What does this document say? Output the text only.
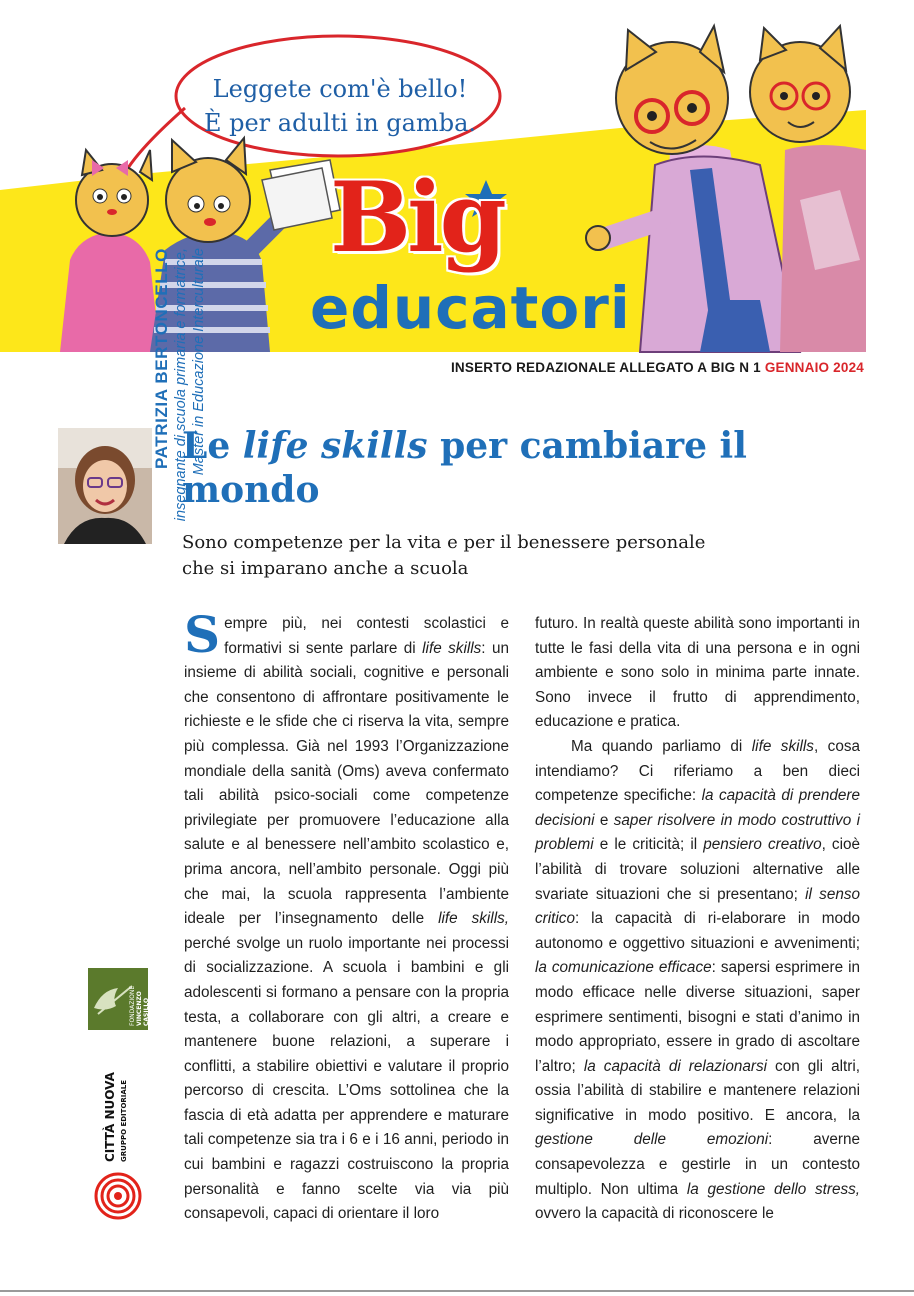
Leggete com'è bello!
È per adulti in gamba.
Big
educatori
INSERTO REDAZIONALE ALLEGATO A BIG N 1 GENNAIO 2024
PATRIZIA BERTONCELLO insegnante di scuola primaria e formatrice, Master in Educazione Interculturale
FONDAZIONE VINCENZO CASILLO
CITTÀ NUOVA GRUPPO EDITORIALE
Le life skills per cambiare il mondo
Sono competenze per la vita e per il benessere personale
che si imparano anche a scuola

Sempre più, nei contesti scolastici e formativi si sente parlare di life skills: un insieme di abilità sociali, cognitive e personali che consentono di affrontare positivamente le richieste e le sfide che ci riserva la vita, sempre più complessa. Già nel 1993 l’Organizzazione mondiale della sanità (Oms) aveva confermato tali abilità psico-sociali come competenze privilegiate per promuovere l’educazione alla salute e al benessere nell’ambito scolastico e, prima ancora, nell’ambito personale. Oggi più che mai, la scuola rappresenta l’ambiente ideale per l’insegnamento delle life skills, perché svolge un ruolo importante nei processi di socializzazione. A scuola i bambini e gli adolescenti si formano a pensare con la propria testa, a collaborare con gli altri, a creare e mantenere buone relazioni, a superare i conflitti, a stabilire obiettivi e valutare il proprio percorso di crescita. L’Oms sottolinea che la fascia di età adatta per apprendere e maturare tali competenze sia tra i 6 e i 16 anni, periodo in cui bambini e ragazzi costruiscono la propria personalità e fanno scelte via via più consapevoli, capaci di orientare il loro

futuro. In realtà queste abilità sono importanti in tutte le fasi della vita di una persona e in ogni ambiente e sono solo in minima parte innate. Sono invece il frutto di apprendimento, educazione e pratica.

Ma quando parliamo di life skills, cosa intendiamo? Ci riferiamo a ben dieci competenze specifiche: la capacità di prendere decisioni e saper risolvere in modo costruttivo i problemi e le criticità; il pensiero creativo, cioè l’abilità di trovare soluzioni alternative alle svariate situazioni che si presentano; il senso critico: la capacità di ri-elaborare in modo autonomo e oggettivo situazioni e avvenimenti; la comunicazione efficace: sapersi esprimere in modo efficace nelle diverse situazioni, saper esprimere sentimenti, bisogni e stati d’animo in modo appropriato, essere in grado di ascoltare l’altro; la capacità di relazionarsi con gli altri, ossia l’abilità di stabilire e mantenere relazioni significative in modo positivo. E ancora, la gestione delle emozioni: averne consapevolezza e gestirle in un contesto multiplo. Non ultima la gestione dello stress, ovvero la capacità di riconoscere le
